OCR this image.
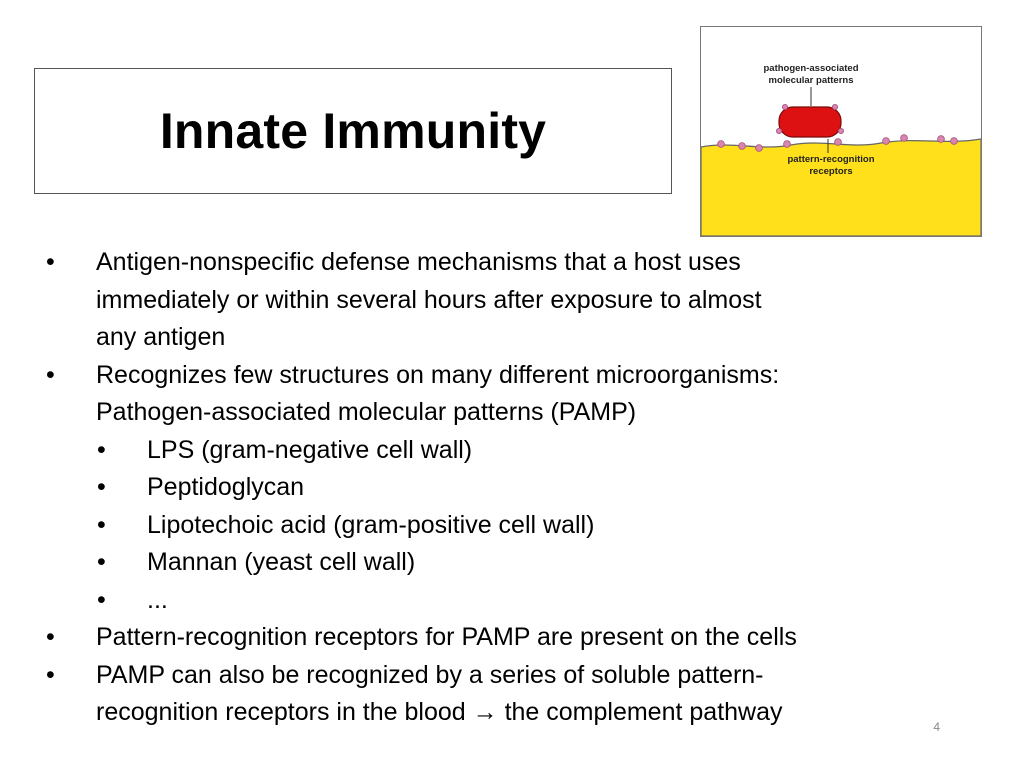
Innate Immunity
pathogen-associated
molecular patterns
pattern-recognition
receptors
• Antigen-nonspecific defense mechanisms that a host uses
immediately or within several hours after exposure to almost
any antigen
• Recognizes few structures on many different microorganisms:
Pathogen-associated molecular patterns (PAMP)
• LPS (gram-negative cell wall)
• Peptidoglycan
• Lipotechoic acid (gram-positive cell wall)
• Mannan (yeast cell wall)
• ...
• Pattern-recognition receptors for PAMP are present on the cells
• PAMP can also be recognized by a series of soluble pattern-
recognition receptors in the blood → the complement pathway
4
